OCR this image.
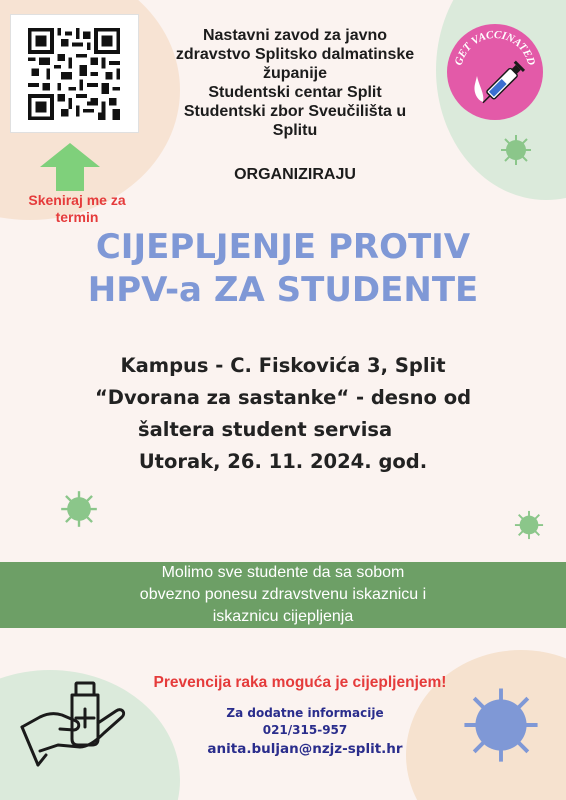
Skeniraj me za
termin

Nastavni zavod za javno
zdravstvo Splitsko dalmatinske
županije
Studentski centar Split
Studentski zbor Sveučilišta u
Splitu

ORGANIZIRAJU

GET VACCINATED

CIJEPLJENJE PROTIV
HPV-a ZA STUDENTE

Kampus - C. Fiskovića 3, Split
“Dvorana za sastanke“ - desno od
šaltera student servisa
Utorak, 26. 11. 2024. god.

Molimo sve studente da sa sobom
obvezno ponesu zdravstvenu iskaznicu i
iskaznicu cijepljenja

Prevencija raka moguća je cijepljenjem!

Za dodatne informacije
021/315-957
anita.buljan@nzjz-split.hr
